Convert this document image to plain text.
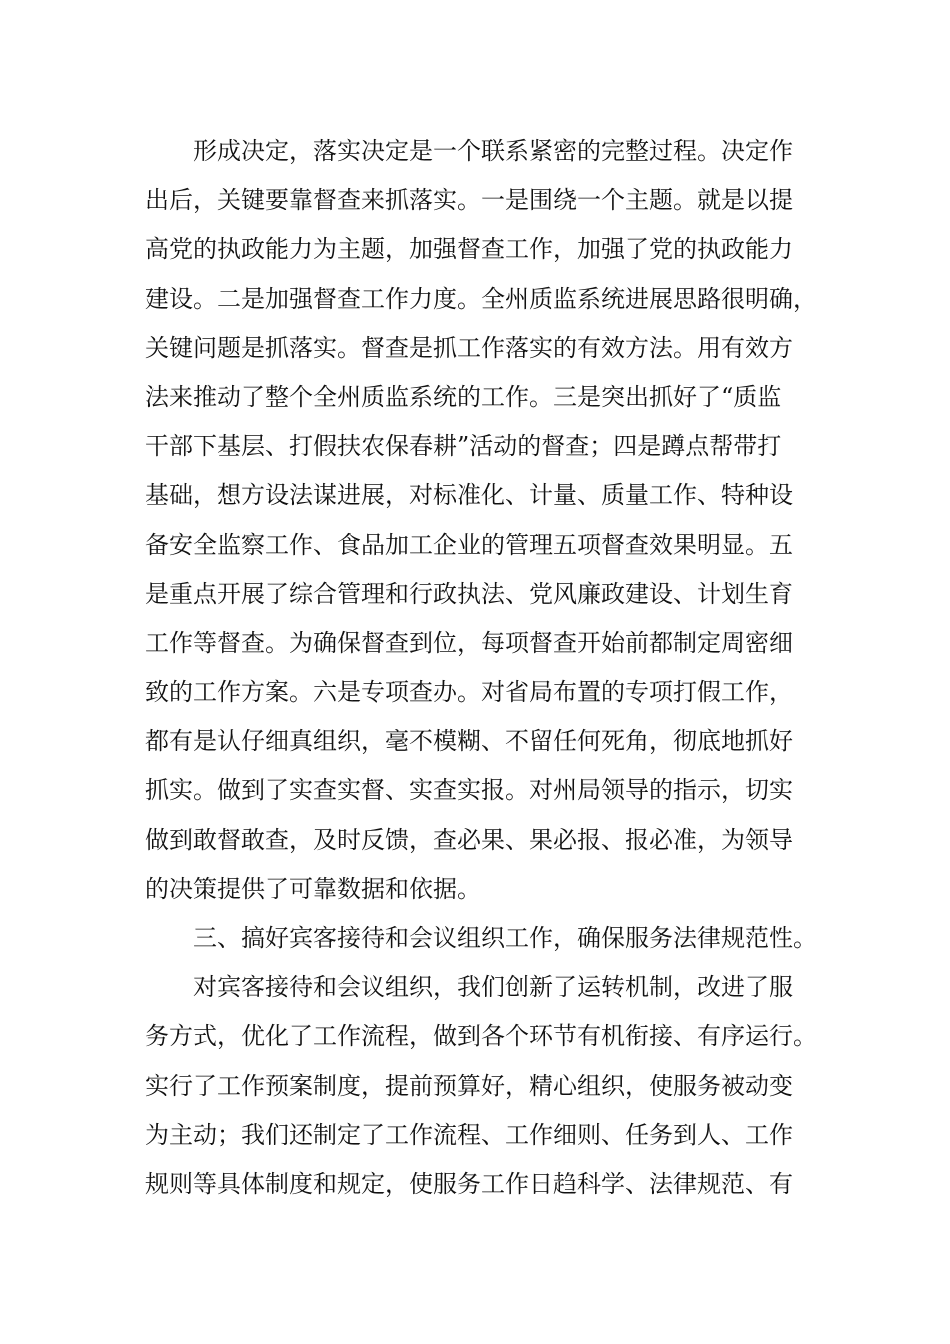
形成决定，落实决定是一个联系紧密的完整过程。决定作
出后，关键要靠督查来抓落实。一是围绕一个主题。就是以提
高党的执政能力为主题，加强督查工作，加强了党的执政能力
建设。二是加强督查工作力度。全州质监系统进展思路很明确，
关键问题是抓落实。督查是抓工作落实的有效方法。用有效方
法来推动了整个全州质监系统的工作。三是突出抓好了“质监
干部下基层、打假扶农保春耕”活动的督查；四是蹲点帮带打
基础，想方设法谋进展，对标准化、计量、质量工作、特种设
备安全监察工作、食品加工企业的管理五项督查效果明显。五
是重点开展了综合管理和行政执法、党风廉政建设、计划生育
工作等督查。为确保督查到位，每项督查开始前都制定周密细
致的工作方案。六是专项查办。对省局布置的专项打假工作，
都有是认仔细真组织，毫不模糊、不留任何死角，彻底地抓好
抓实。做到了实查实督、实查实报。对州局领导的指示，切实
做到敢督敢查，及时反馈，查必果、果必报、报必准，为领导
的决策提供了可靠数据和依据。
三、搞好宾客接待和会议组织工作，确保服务法律规范性。
对宾客接待和会议组织，我们创新了运转机制，改进了服
务方式，优化了工作流程，做到各个环节有机衔接、有序运行。
实行了工作预案制度，提前预算好，精心组织，使服务被动变
为主动；我们还制定了工作流程、工作细则、任务到人、工作
规则等具体制度和规定，使服务工作日趋科学、法律规范、有
